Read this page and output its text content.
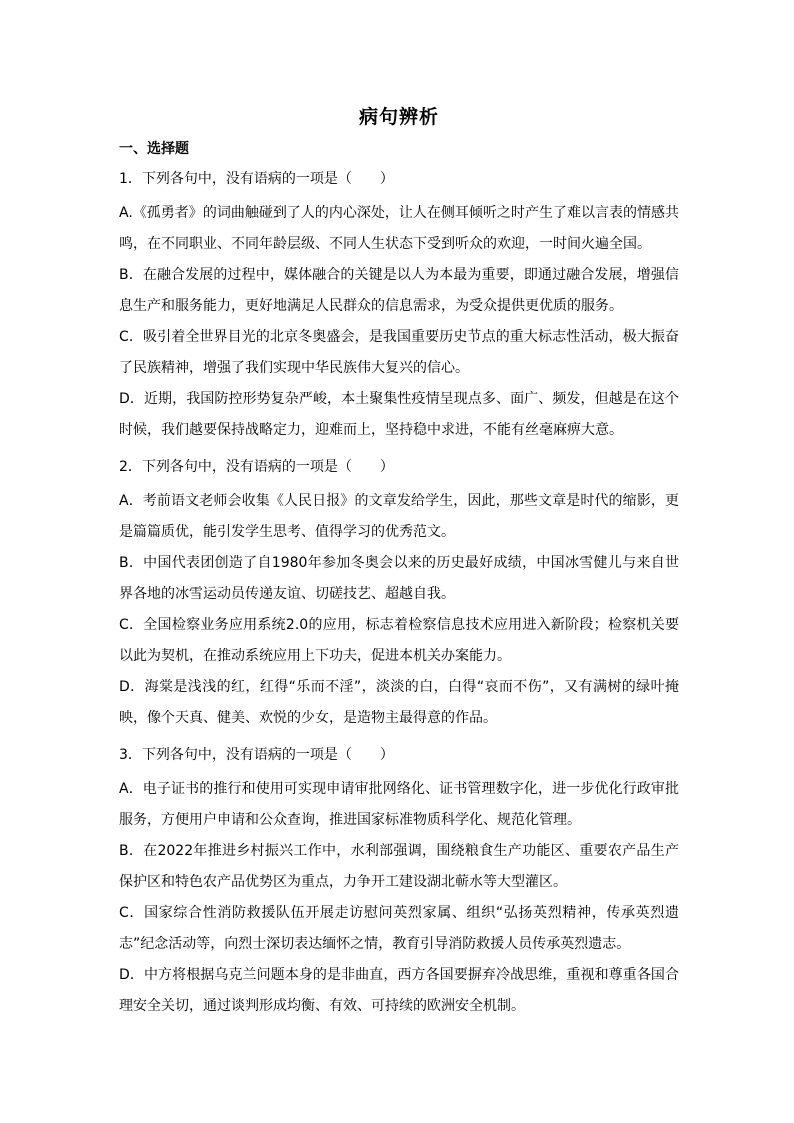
病句辨析
一、选择题

1．下列各句中，没有语病的一项是（　　）

A.《孤勇者》的词曲触碰到了人的内心深处，让人在侧耳倾听之时产生了难以言表的情感共鸣，在不同职业、不同年龄层级、不同人生状态下受到听众的欢迎，一时间火遍全国。

B．在融合发展的过程中，媒体融合的关键是以人为本最为重要，即通过融合发展，增强信息生产和服务能力，更好地满足人民群众的信息需求，为受众提供更优质的服务。

C．吸引着全世界目光的北京冬奥盛会，是我国重要历史节点的重大标志性活动，极大振奋了民族精神，增强了我们实现中华民族伟大复兴的信心。

D．近期，我国防控形势复杂严峻，本土聚集性疫情呈现点多、面广、频发，但越是在这个时候，我们越要保持战略定力，迎难而上，坚持稳中求进，不能有丝毫麻痹大意。

2．下列各句中，没有语病的一项是（　　）

A．考前语文老师会收集《人民日报》的文章发给学生，因此，那些文章是时代的缩影，更是篇篇质优，能引发学生思考、值得学习的优秀范文。

B．中国代表团创造了自1980年参加冬奥会以来的历史最好成绩，中国冰雪健儿与来自世界各地的冰雪运动员传递友谊、切磋技艺、超越自我。

C．全国检察业务应用系统2.0的应用，标志着检察信息技术应用进入新阶段；检察机关要以此为契机，在推动系统应用上下功夫，促进本机关办案能力。

D．海棠是浅浅的红，红得“乐而不淫”，淡淡的白，白得“哀而不伤”，又有满树的绿叶掩映，像个天真、健美、欢悦的少女，是造物主最得意的作品。

3．下列各句中，没有语病的一项是（　　）

A．电子证书的推行和使用可实现申请审批网络化、证书管理数字化，进一步优化行政审批服务，方便用户申请和公众查询，推进国家标准物质科学化、规范化管理。

B．在2022年推进乡村振兴工作中，水利部强调，围绕粮食生产功能区、重要农产品生产保护区和特色农产品优势区为重点，力争开工建设湖北蕲水等大型灌区。

C．国家综合性消防救援队伍开展走访慰问英烈家属、组织“弘扬英烈精神，传承英烈遗志”纪念活动等，向烈士深切表达缅怀之情，教育引导消防救援人员传承英烈遗志。

D．中方将根据乌克兰问题本身的是非曲直，西方各国要摒弃冷战思维，重视和尊重各国合理安全关切，通过谈判形成均衡、有效、可持续的欧洲安全机制。
